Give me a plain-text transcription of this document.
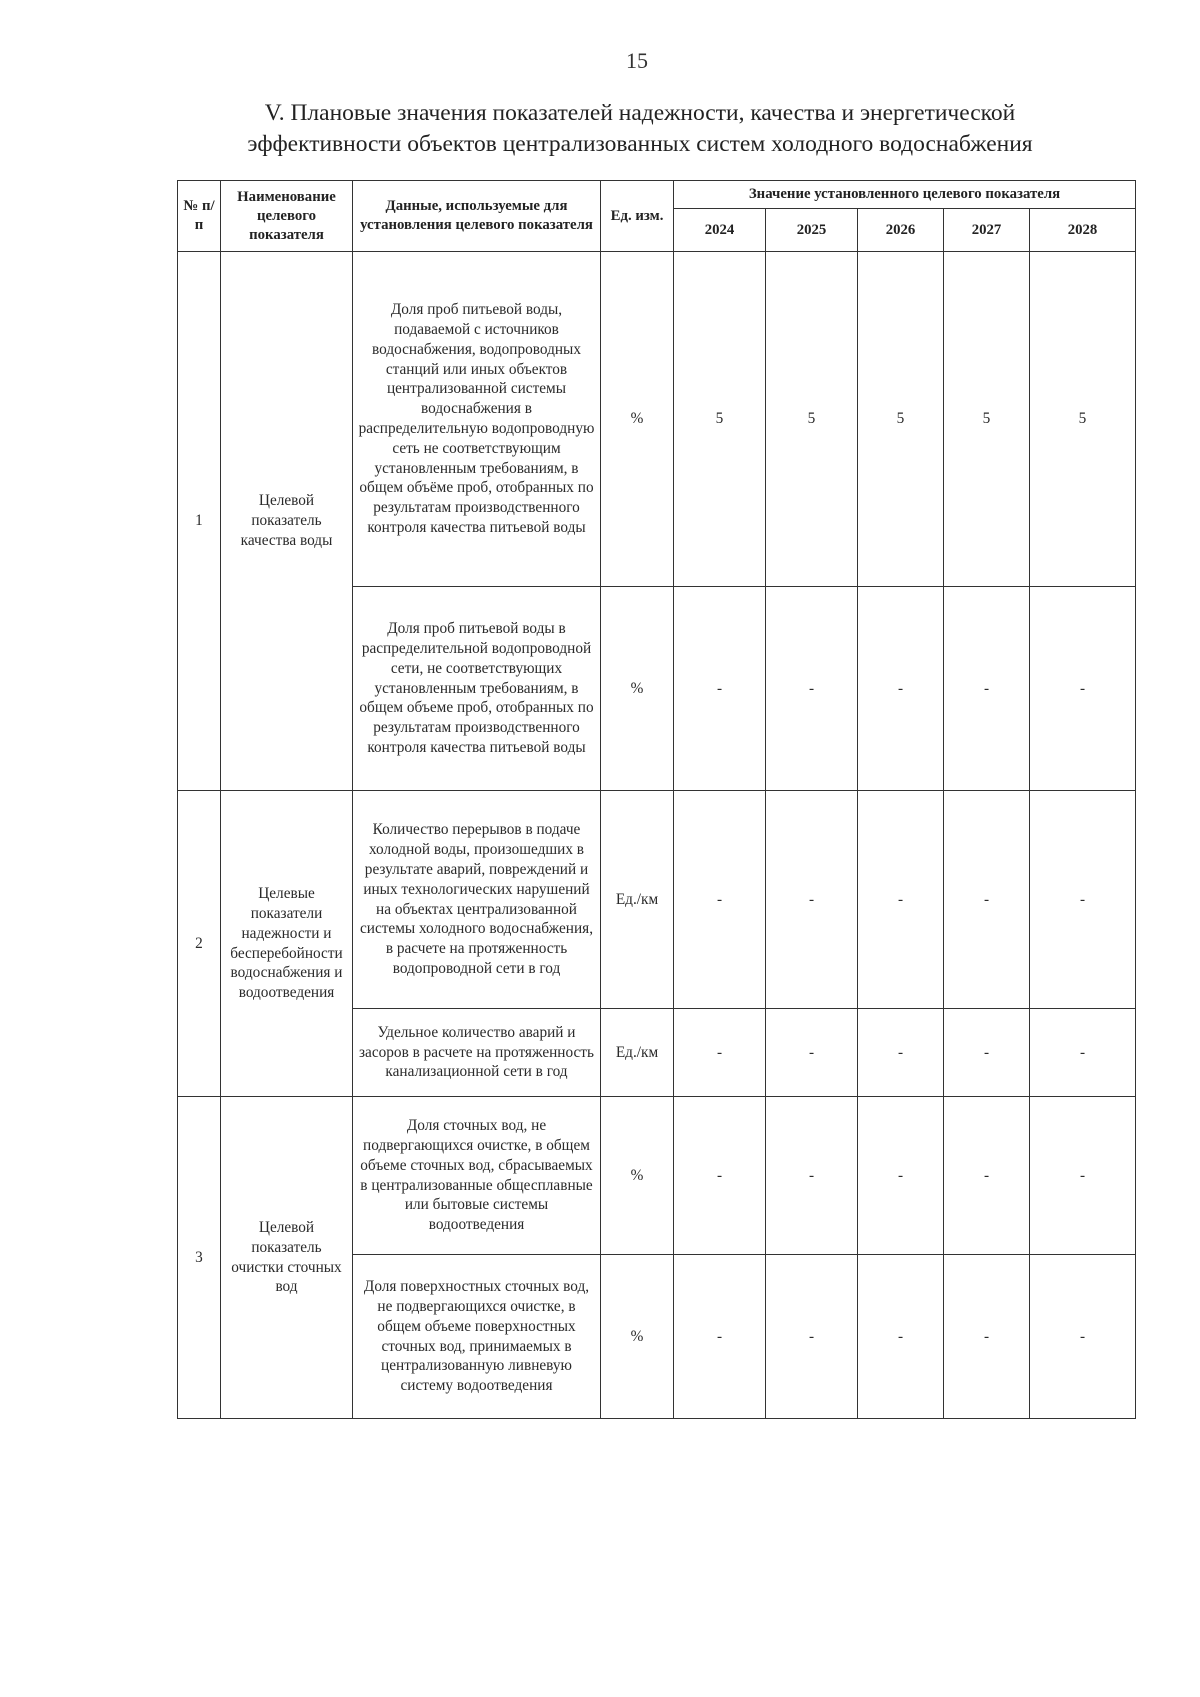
15
V. Плановые значения показателей надежности, качества и энергетической
эффективности объектов централизованных систем холодного водоснабжения
№ п/п	Наименование целевого показателя	Данные, используемые для установления целевого показателя	Ед. изм.	Значение установленного целевого показателя				
				2024	2025	2026	2027	2028
1	Целевой показатель качества воды	Доля проб питьевой воды, подаваемой с источников водоснабжения, водопроводных станций или иных объектов централизованной системы водоснабжения в распределительную водопроводную сеть не соответствующим установленным требованиям, в общем объёме проб, отобранных по результатам производственного контроля качества питьевой воды	%	5	5	5	5	5
		Доля проб питьевой воды в распределительной водопроводной сети, не соответствующих установленным требованиям, в общем объеме проб, отобранных по результатам производственного контроля качества питьевой воды	%	-	-	-	-	-
2	Целевые показатели надежности и бесперебойности водоснабжения и водоотведения	Количество перерывов в подаче холодной воды, произошедших в результате аварий, повреждений и иных технологических нарушений на объектах централизованной системы холодного водоснабжения, в расчете на протяженность водопроводной сети в год	Ед./км	-	-	-	-	-
		Удельное количество аварий и засоров в расчете на протяженность канализационной сети в год	Ед./км	-	-	-	-	-
3	Целевой показатель очистки сточных вод	Доля сточных вод, не подвергающихся очистке, в общем объеме сточных вод, сбрасываемых в централизованные общесплавные или бытовые системы водоотведения	%	-	-	-	-	-
		Доля поверхностных сточных вод, не подвергающихся очистке, в общем объеме поверхностных сточных вод, принимаемых в централизованную ливневую систему водоотведения	%	-	-	-	-	-
